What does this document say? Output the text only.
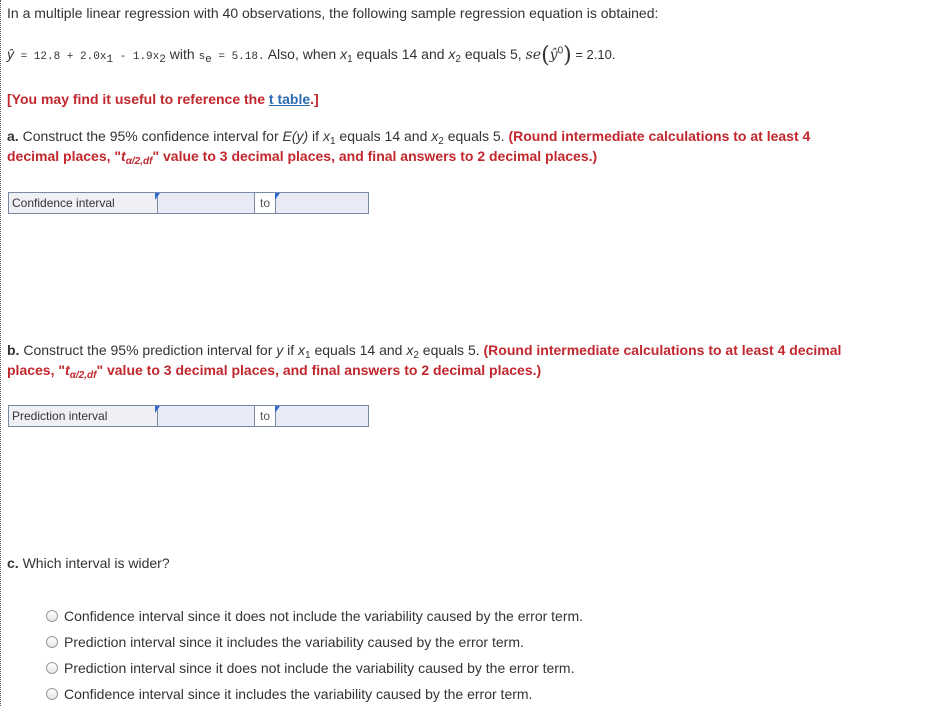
In a multiple linear regression with 40 observations, the following sample regression equation is obtained:
ŷ = $12.8 + 2.0x_1 - 1.9x_2$ with $s_e = 5.18$. Also, when $x_1$ equals 14 and $x_2$ equals 5, $se(ŷ^0) = 2.10$.
[You may find it useful to reference the t table.]
a. Construct the 95% confidence interval for E(y) if $x_1$ equals 14 and $x_2$ equals 5. (Round intermediate calculations to at least 4
decimal places, "$t_{\alpha/2,df}$" value to 3 decimal places, and final answers to 2 decimal places.)
Confidence interval	to
b. Construct the 95% prediction interval for y if $x_1$ equals 14 and $x_2$ equals 5. (Round intermediate calculations to at least 4 decimal
places, "$t_{\alpha/2,df}$" value to 3 decimal places, and final answers to 2 decimal places.)
Prediction interval	to
c. Which interval is wider?
Confidence interval since it does not include the variability caused by the error term.
Prediction interval since it includes the variability caused by the error term.
Prediction interval since it does not include the variability caused by the error term.
Confidence interval since it includes the variability caused by the error term.
